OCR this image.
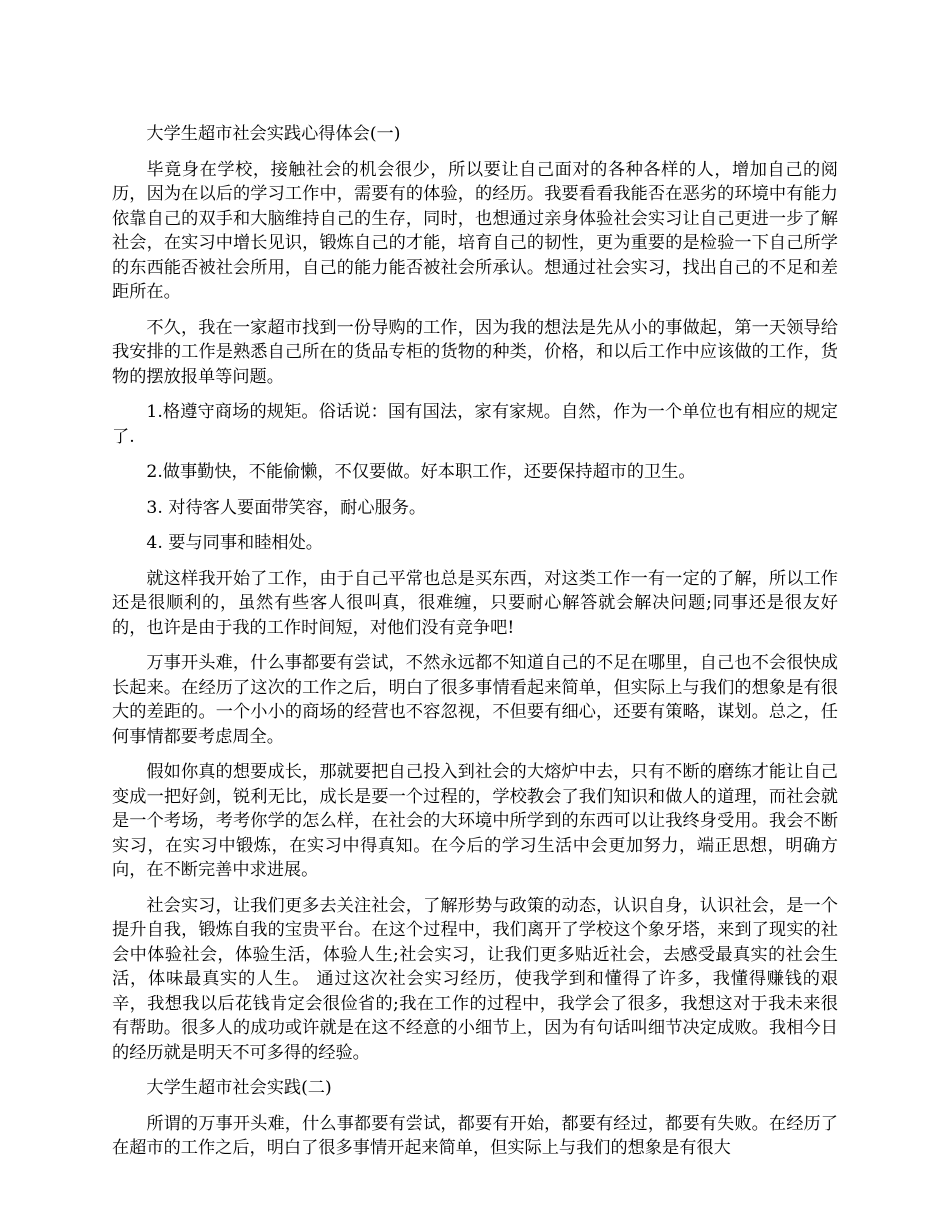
大学生超市社会实践心得体会(一)

毕竟身在学校，接触社会的机会很少，所以要让自己面对的各种各样的人，增加自己的阅历，因为在以后的学习工作中，需要有的体验，的经历。我要看看我能否在恶劣的环境中有能力依靠自己的双手和大脑维持自己的生存，同时，也想通过亲身体验社会实习让自己更进一步了解社会，在实习中增长见识，锻炼自己的才能，培育自己的韧性，更为重要的是检验一下自己所学的东西能否被社会所用，自己的能力能否被社会所承认。想通过社会实习，找出自己的不足和差距所在。

不久，我在一家超市找到一份导购的工作，因为我的想法是先从小的事做起，第一天领导给我安排的工作是熟悉自己所在的货品专柜的货物的种类，价格，和以后工作中应该做的工作，货物的摆放报单等问题。

1.格遵守商场的规矩。俗话说：国有国法，家有家规。自然，作为一个单位也有相应的规定了.

2.做事勤快，不能偷懒，不仅要做。好本职工作，还要保持超市的卫生。

3. 对待客人要面带笑容，耐心服务。

4. 要与同事和睦相处。

就这样我开始了工作，由于自己平常也总是买东西，对这类工作一有一定的了解，所以工作还是很顺利的，虽然有些客人很叫真，很难缠，只要耐心解答就会解决问题;同事还是很友好的，也许是由于我的工作时间短，对他们没有竞争吧!

万事开头难，什么事都要有尝试，不然永远都不知道自己的不足在哪里，自己也不会很快成长起来。在经历了这次的工作之后，明白了很多事情看起来简单，但实际上与我们的想象是有很大的差距的。一个小小的商场的经营也不容忽视，不但要有细心，还要有策略，谋划。总之，任何事情都要考虑周全。

假如你真的想要成长，那就要把自己投入到社会的大熔炉中去，只有不断的磨练才能让自己变成一把好剑，锐利无比，成长是要一个过程的，学校教会了我们知识和做人的道理，而社会就是一个考场，考考你学的怎么样，在社会的大环境中所学到的东西可以让我终身受用。我会不断实习，在实习中锻炼，在实习中得真知。在今后的学习生活中会更加努力，端正思想，明确方向，在不断完善中求进展。

社会实习，让我们更多去关注社会，了解形势与政策的动态，认识自身，认识社会，是一个提升自我，锻炼自我的宝贵平台。在这个过程中，我们离开了学校这个象牙塔，来到了现实的社会中体验社会，体验生活，体验人生;社会实习，让我们更多贴近社会，去感受最真实的社会生活，体味最真实的人生。 通过这次社会实习经历，使我学到和懂得了许多，我懂得赚钱的艰辛，我想我以后花钱肯定会很俭省的;我在工作的过程中，我学会了很多，我想这对于我未来很有帮助。很多人的成功或许就是在这不经意的小细节上，因为有句话叫细节决定成败。我相今日的经历就是明天不可多得的经验。

大学生超市社会实践(二)

所谓的万事开头难，什么事都要有尝试，都要有开始，都要有经过，都要有失败。在经历了在超市的工作之后，明白了很多事情开起来简单，但实际上与我们的想象是有很大
